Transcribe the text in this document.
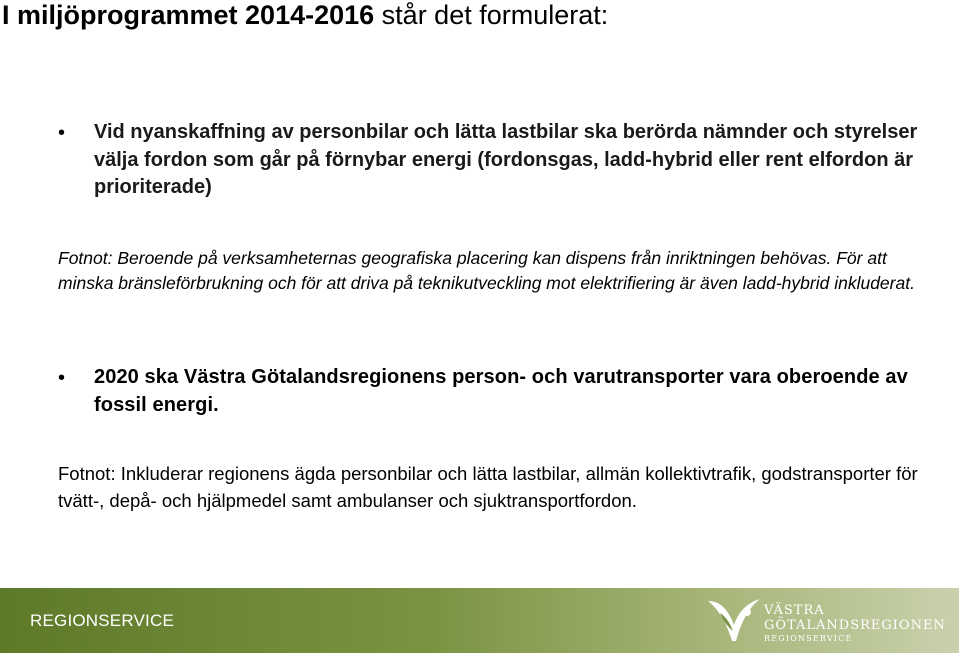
I miljöprogrammet 2014-2016 står det formulerat:
• Vid nyanskaffning av personbilar och lätta lastbilar ska berörda nämnder och styrelser välja fordon som går på förnybar energi (fordonsgas, ladd-hybrid eller rent elfordon är prioriterade)
Fotnot: Beroende på verksamheternas geografiska placering kan dispens från inriktningen behövas. För att minska bränsleförbrukning och för att driva på teknikutveckling mot elektrifiering är även ladd-hybrid inkluderat.
• 2020 ska Västra Götalandsregionens person- och varutransporter vara oberoende av fossil energi.
Fotnot: Inkluderar regionens ägda personbilar och lätta lastbilar, allmän kollektivtrafik, godstransporter för tvätt-, depå- och hjälpmedel samt ambulanser och sjuktransportfordon.
REGIONSERVICE
VÄSTRA
GÖTALANDSREGIONEN
REGIONSERVICE
